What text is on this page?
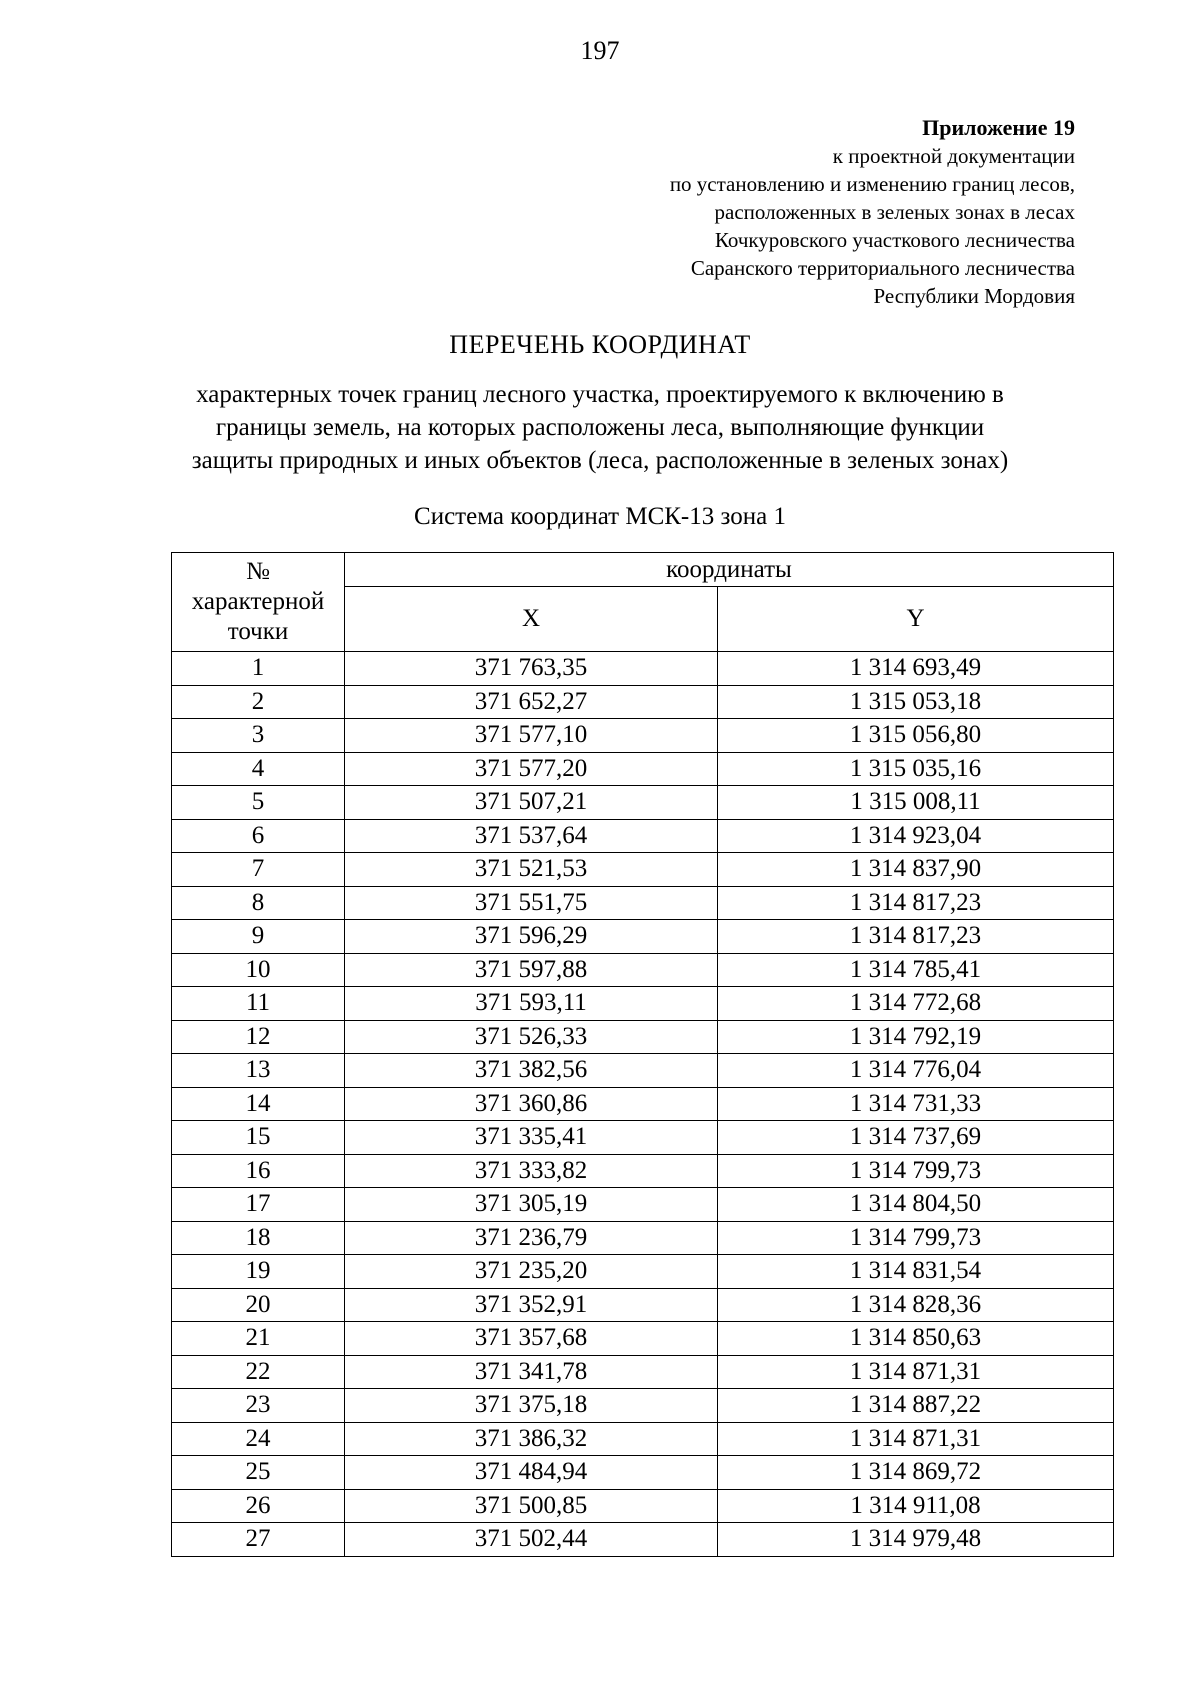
197
Приложение 19
к проектной документации
по установлению и изменению границ лесов,
расположенных в зеленых зонах в лесах
Кочкуровского участкового лесничества
Саранского территориального лесничества
Республики Мордовия
ПЕРЕЧЕНЬ КООРДИНАТ
характерных точек границ лесного участка, проектируемого к включению в
границы земель, на которых расположены леса, выполняющие функции
защиты природных и иных объектов (леса, расположенные в зеленых зонах)
Система координат МСК-13 зона 1
№
характерной
точки	координаты	
	X	Y
1	371 763,35	1 314 693,49
2	371 652,27	1 315 053,18
3	371 577,10	1 315 056,80
4	371 577,20	1 315 035,16
5	371 507,21	1 315 008,11
6	371 537,64	1 314 923,04
7	371 521,53	1 314 837,90
8	371 551,75	1 314 817,23
9	371 596,29	1 314 817,23
10	371 597,88	1 314 785,41
11	371 593,11	1 314 772,68
12	371 526,33	1 314 792,19
13	371 382,56	1 314 776,04
14	371 360,86	1 314 731,33
15	371 335,41	1 314 737,69
16	371 333,82	1 314 799,73
17	371 305,19	1 314 804,50
18	371 236,79	1 314 799,73
19	371 235,20	1 314 831,54
20	371 352,91	1 314 828,36
21	371 357,68	1 314 850,63
22	371 341,78	1 314 871,31
23	371 375,18	1 314 887,22
24	371 386,32	1 314 871,31
25	371 484,94	1 314 869,72
26	371 500,85	1 314 911,08
27	371 502,44	1 314 979,48
